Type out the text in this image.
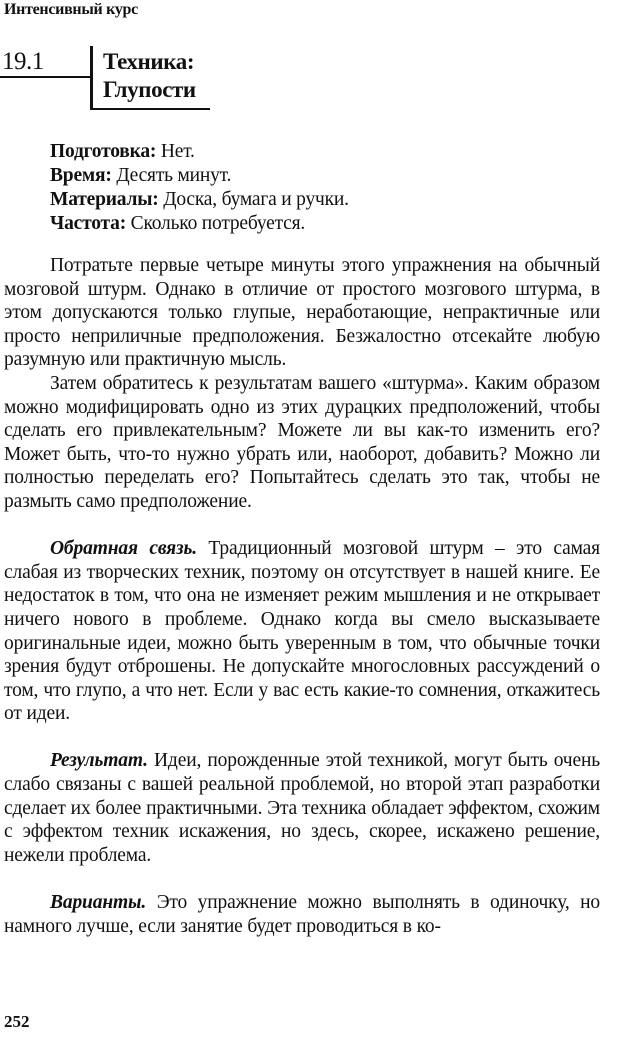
Интенсивный курс
19.1	Техника:
Глупости
Подготовка: Нет.
Время: Десять минут.
Материалы: Доска, бумага и ручки.
Частота: Сколько потребуется.

Потратьте первые четыре минуты этого упражнения на обычный мозговой штурм. Однако в отличие от простого мозгового штурма, в этом допускаются только глупые, неработающие, непрактичные или просто неприличные предположения. Безжалостно отсекайте любую разумную или практичную мысль.

Затем обратитесь к результатам вашего «штурма». Каким образом можно модифицировать одно из этих дурацких предположений, чтобы сделать его привлекательным? Можете ли вы как-то изменить его? Может быть, что-то нужно убрать или, наоборот, добавить? Можно ли полностью переделать его? Попытайтесь сделать это так, чтобы не размыть само предположение.

Обратная связь. Традиционный мозговой штурм – это самая слабая из творческих техник, поэтому он отсутствует в нашей книге. Ее недостаток в том, что она не изменяет режим мышления и не открывает ничего нового в проблеме. Однако когда вы смело высказываете оригинальные идеи, можно быть уверенным в том, что обычные точки зрения будут отброшены. Не допускайте многословных рассуждений о том, что глупо, а что нет. Если у вас есть какие-то сомнения, откажитесь от идеи.

Результат. Идеи, порожденные этой техникой, могут быть очень слабо связаны с вашей реальной проблемой, но второй этап разработки сделает их более практичными. Эта техника обладает эффектом, схожим с эффектом техник искажения, но здесь, скорее, искажено решение, нежели проблема.

Варианты. Это упражнение можно выполнять в одиночку, но намного лучше, если занятие будет проводиться в ко-

252
